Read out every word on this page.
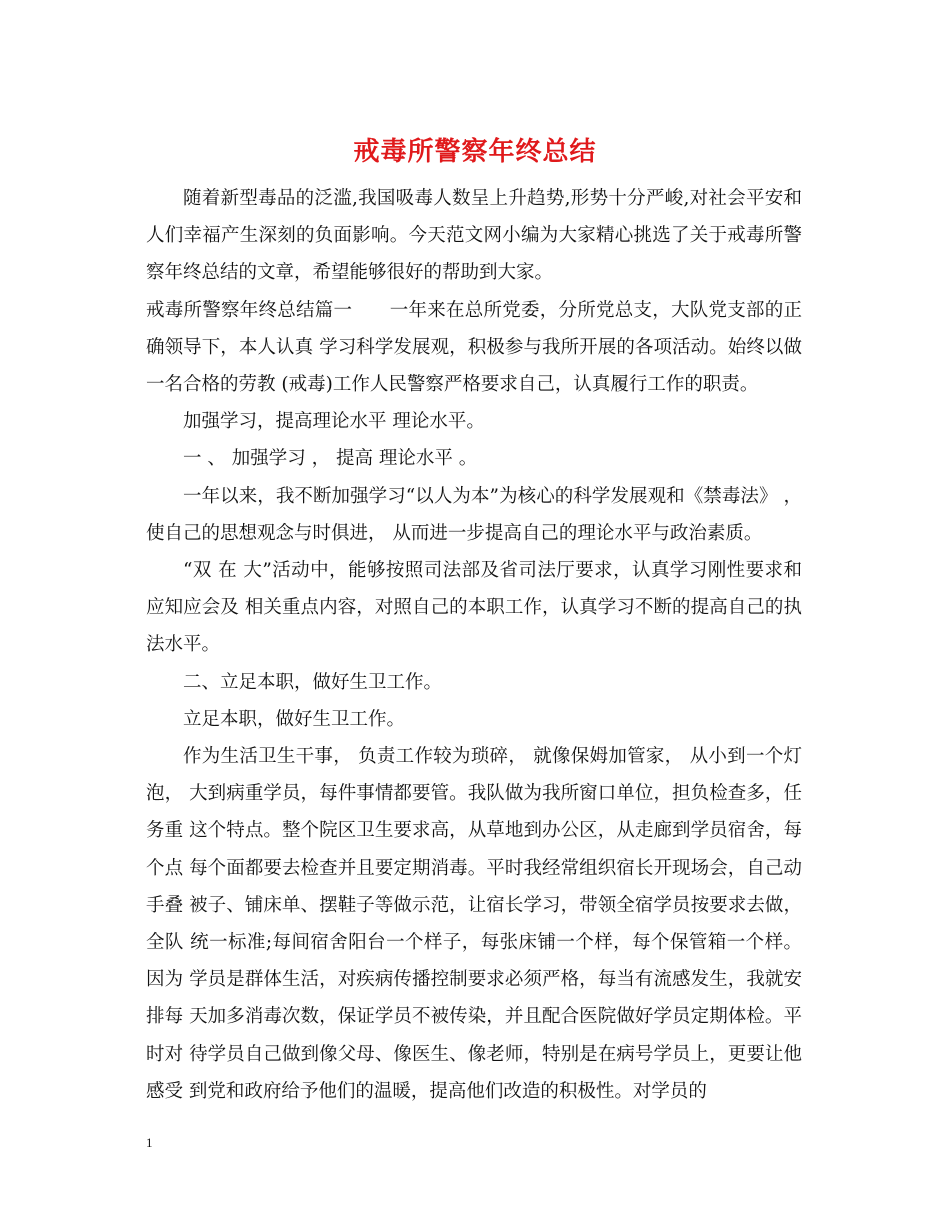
戒毒所警察年终总结

随着新型毒品的泛滥,我国吸毒人数呈上升趋势,形势十分严峻,对社会平安和人们幸福产生深刻的负面影响。今天范文网小编为大家精心挑选了关于戒毒所警察年终总结的文章，希望能够很好的帮助到大家。

戒毒所警察年终总结篇一　　一年来在总所党委，分所党总支，大队党支部的正确领导下，本人认真 学习科学发展观，积极参与我所开展的各项活动。始终以做一名合格的劳教 (戒毒)工作人民警察严格要求自己，认真履行工作的职责。

加强学习，提高理论水平 理论水平。

一 、 加强学习 ， 提高 理论水平 。

一年以来，我不断加强学习“以人为本”为核心的科学发展观和《禁毒法》 ， 使自己的思想观念与时俱进， 从而进一步提高自己的理论水平与政治素质。

“双 在 大”活动中，能够按照司法部及省司法厅要求，认真学习刚性要求和应知应会及 相关重点内容，对照自己的本职工作，认真学习不断的提高自己的执法水平。

二、立足本职，做好生卫工作。

立足本职，做好生卫工作。

作为生活卫生干事， 负责工作较为琐碎， 就像保姆加管家， 从小到一个灯泡， 大到病重学员，每件事情都要管。我队做为我所窗口单位，担负检查多，任务重 这个特点。整个院区卫生要求高，从草地到办公区，从走廊到学员宿舍，每个点 每个面都要去检查并且要定期消毒。平时我经常组织宿长开现场会，自己动手叠 被子、铺床单、摆鞋子等做示范，让宿长学习，带领全宿学员按要求去做，全队 统一标准;每间宿舍阳台一个样子，每张床铺一个样，每个保管箱一个样。因为 学员是群体生活，对疾病传播控制要求必须严格，每当有流感发生，我就安排每 天加多消毒次数，保证学员不被传染，并且配合医院做好学员定期体检。平时对 待学员自己做到像父母、像医生、像老师，特别是在病号学员上，更要让他感受 到党和政府给予他们的温暖，提高他们改造的积极性。对学员的

1
